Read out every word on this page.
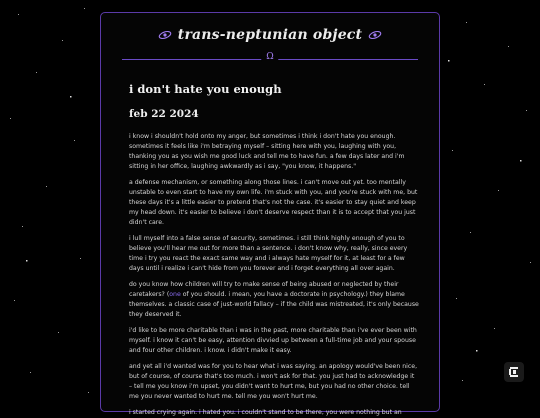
trans-neptunian object
Ω
i don't hate you enough
feb 22 2024

i know i shouldn't hold onto my anger, but sometimes i think i don't hate you enough. sometimes it feels like i'm betraying myself – sitting here with you, laughing with you, thanking you as you wish me good luck and tell me to have fun. a few days later and i'm sitting in her office, laughing awkwardly as i say, "you know, it happens."

a defense mechanism, or something along those lines. i can't move out yet. too mentally unstable to even start to have my own life. i'm stuck with you, and you're stuck with me, but these days it's a little easier to pretend that's not the case. it's easier to stay quiet and keep my head down. it's easier to believe i don't deserve respect than it is to accept that you just didn't care.

i lull myself into a false sense of security, sometimes. i still think highly enough of you to believe you'll hear me out for more than a sentence. i don't know why, really, since every time i try you react the exact same way and i always hate myself for it, at least for a few days until i realize i can't hide from you forever and i forget everything all over again.

do you know how children will try to make sense of being abused or neglected by their caretakers? (one of you should. i mean, you have a doctorate in psychology.) they blame themselves. a classic case of just-world fallacy – if the child was mistreated, it's only because they deserved it.

i'd like to be more charitable than i was in the past, more charitable than i've ever been with myself. i know it can't be easy, attention divvied up between a full-time job and your spouse and four other children. i know. i didn't make it easy.

and yet all i'd wanted was for you to hear what i was saying. an apology would've been nice, but of course, of course that's too much. i won't ask for that. you just had to acknowledge it – tell me you know i'm upset, you didn't want to hurt me, but you had no other choice. tell me you never wanted to hurt me. tell me you won't hurt me.

i started crying again. i hated you. i couldn't stand to be there, you were nothing but an
